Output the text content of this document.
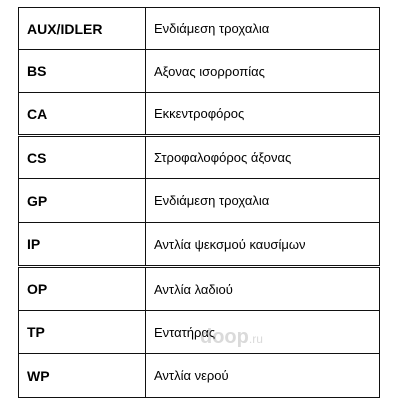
AUX/IDLER	Ενδιάμεση τροχαλια
BS	Αξονας ισορροπίας
CA	Εκκεντροφόρος
CS	Στροφαλοφόρος άξονας
GP	Ενδιάμεση τροχαλια
IP	Αντλία ψεκσμού καυσίμων
OP	Αντλία λαδιού
TP	Εντατήρας
WP	Αντλία νερού
doop.ru
